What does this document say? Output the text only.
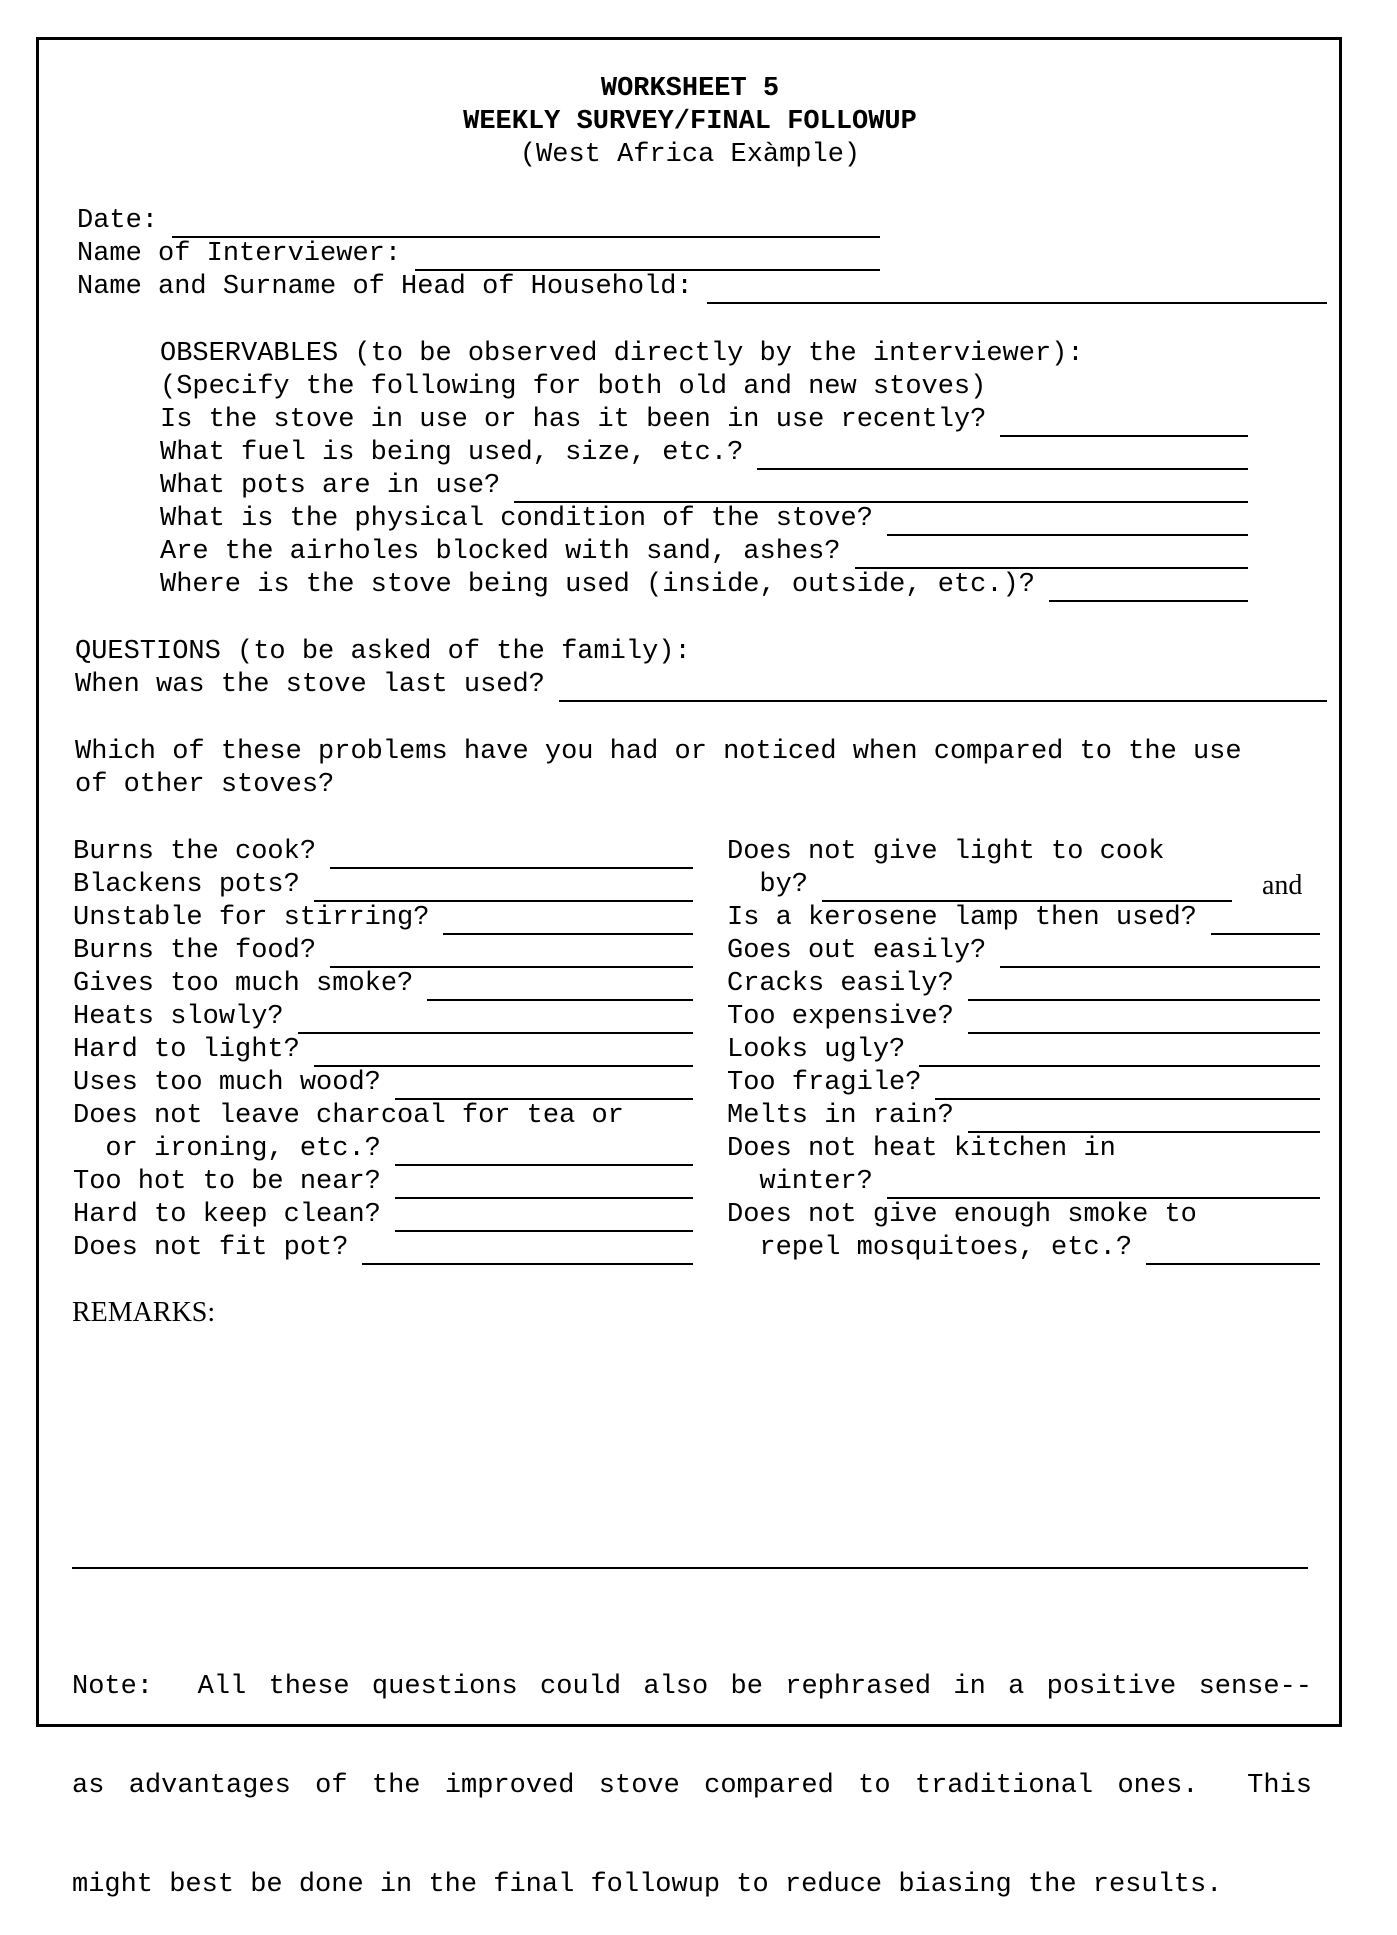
WORKSHEET 5
WEEKLY SURVEY/FINAL FOLLOWUP
(West Africa Exàmple)
Date:
Name of Interviewer:
Name and Surname of Head of Household:
OBSERVABLES (to be observed directly by the interviewer):
(Specify the following for both old and new stoves)
Is the stove in use or has it been in use recently?
What fuel is being used, size, etc.?
What pots are in use?
What is the physical condition of the stove?
Are the airholes blocked with sand, ashes?
Where is the stove being used (inside, outside, etc.)?
QUESTIONS (to be asked of the family):
When was the stove last used?
Which of these problems have you had or noticed when compared to the use
of other stoves?
Burns the cook?
Blackens pots?
Unstable for stirring?
Burns the food?
Gives too much smoke?
Heats slowly?
Hard to light?
Uses too much wood?
Does not leave charcoal for tea or
or ironing, etc.?
Too hot to be near?
Hard to keep clean?
Does not fit pot?
Does not give light to cook
by?	and
Is a kerosene lamp then used?
Goes out easily?
Cracks easily?
Too expensive?
Looks ugly?
Too fragile?
Melts in rain?
Does not heat kitchen in
winter?
Does not give enough smoke to
repel mosquitoes, etc.?
REMARKS:

Note:  All these questions could also be rephrased in a positive sense--

as advantages of the improved stove compared to traditional ones.  This

might best be done in the final followup to reduce biasing the results.
